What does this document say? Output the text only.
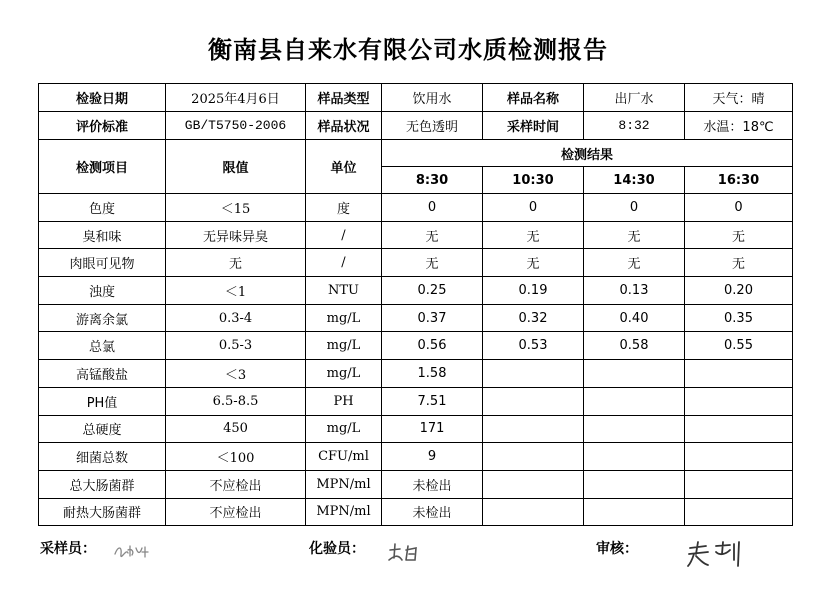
衡南县自来水有限公司水质检测报告
检验日期	2025年4月6日	样品类型	饮用水	样品名称	出厂水	天气：晴
评价标准	GB/T5750-2006	样品状况	无色透明	采样时间	8:32	水温：18℃
检测项目	限值	单位	检测结果			
			8:30	10:30	14:30	16:30
色度	＜15	度	0	0	0	0
臭和味	无异味异臭	/	无	无	无	无
肉眼可见物	无	/	无	无	无	无
浊度	＜1	NTU	0.25	0.19	0.13	0.20
游离余氯	0.3-4	mg/L	0.37	0.32	0.40	0.35
总氯	0.5-3	mg/L	0.56	0.53	0.58	0.55
高锰酸盐	＜3	mg/L	1.58			
PH值	6.5-8.5	PH	7.51			
总硬度	450	mg/L	171			
细菌总数	＜100	CFU/ml	9			
总大肠菌群	不应检出	MPN/ml	未检出			
耐热大肠菌群	不应检出	MPN/ml	未检出			
采样员：	化验员：	审核：
